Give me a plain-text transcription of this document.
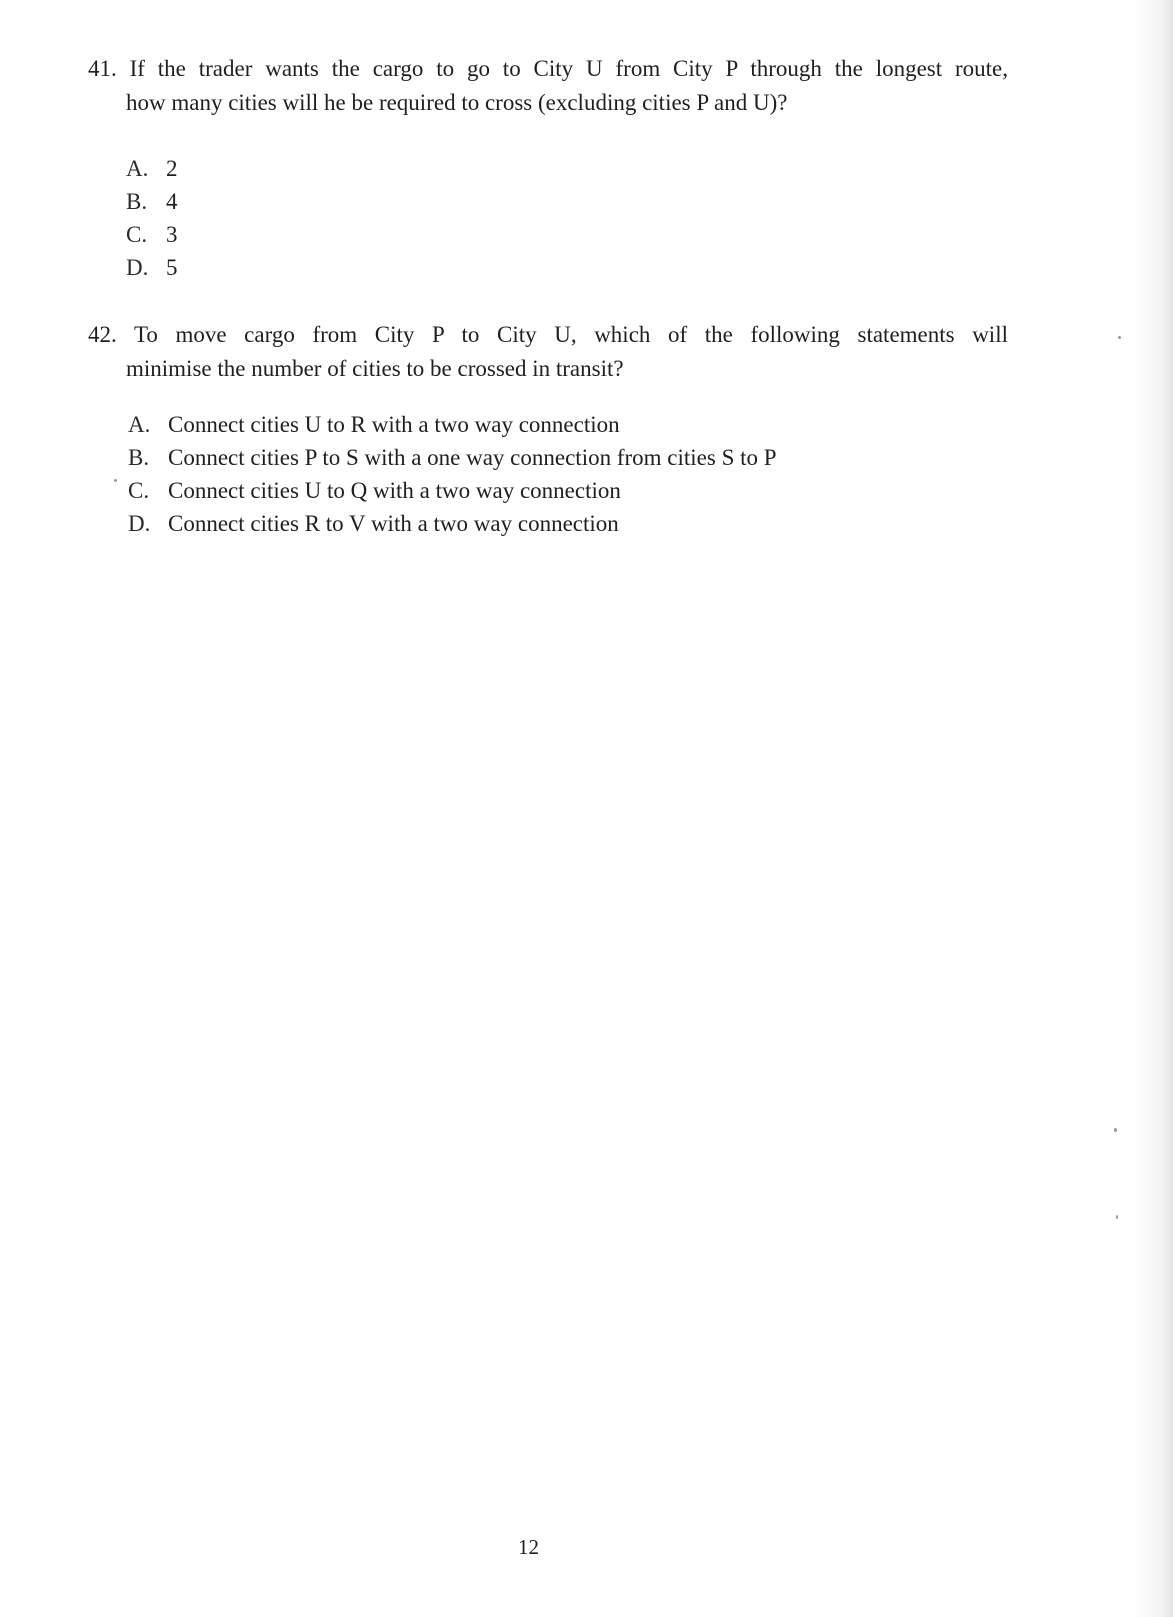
41. If the trader wants the cargo to go to City U from City P through the longest route,
how many cities will he be required to cross (excluding cities P and U)?
A. 2
B. 4
C. 3
D. 5
42. To move cargo from City P to City U, which of the following statements will
minimise the number of cities to be crossed in transit?
A. Connect cities U to R with a two way connection
B. Connect cities P to S with a one way connection from cities S to P
C. Connect cities U to Q with a two way connection
D. Connect cities R to V with a two way connection
12
